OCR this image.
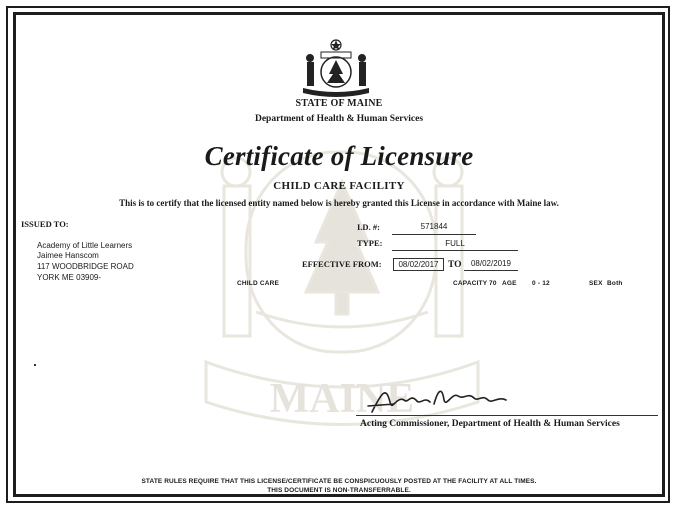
MAINE
STATE OF MAINE
Department of Health & Human Services
Certificate of Licensure
CHILD CARE FACILITY
This is to certify that the licensed entity named below is hereby granted this License in accordance with Maine law.
ISSUED TO:
Academy of Little Learners
Jaimee Hanscom
117 WOODBRIDGE ROAD
YORK ME 03909-
I.D. #:	571844
TYPE:	FULL
EFFECTIVE FROM:	08/02/2017 TO	08/02/2019
CHILD CARE	CAPACITY 70 AGE 0 - 12	SEX Both
Acting Commissioner, Department of Health & Human Services
STATE RULES REQUIRE THAT THIS LICENSE/CERTIFICATE BE CONSPICUOUSLY POSTED AT THE FACILITY AT ALL TIMES.
THIS DOCUMENT IS NON-TRANSFERRABLE.
